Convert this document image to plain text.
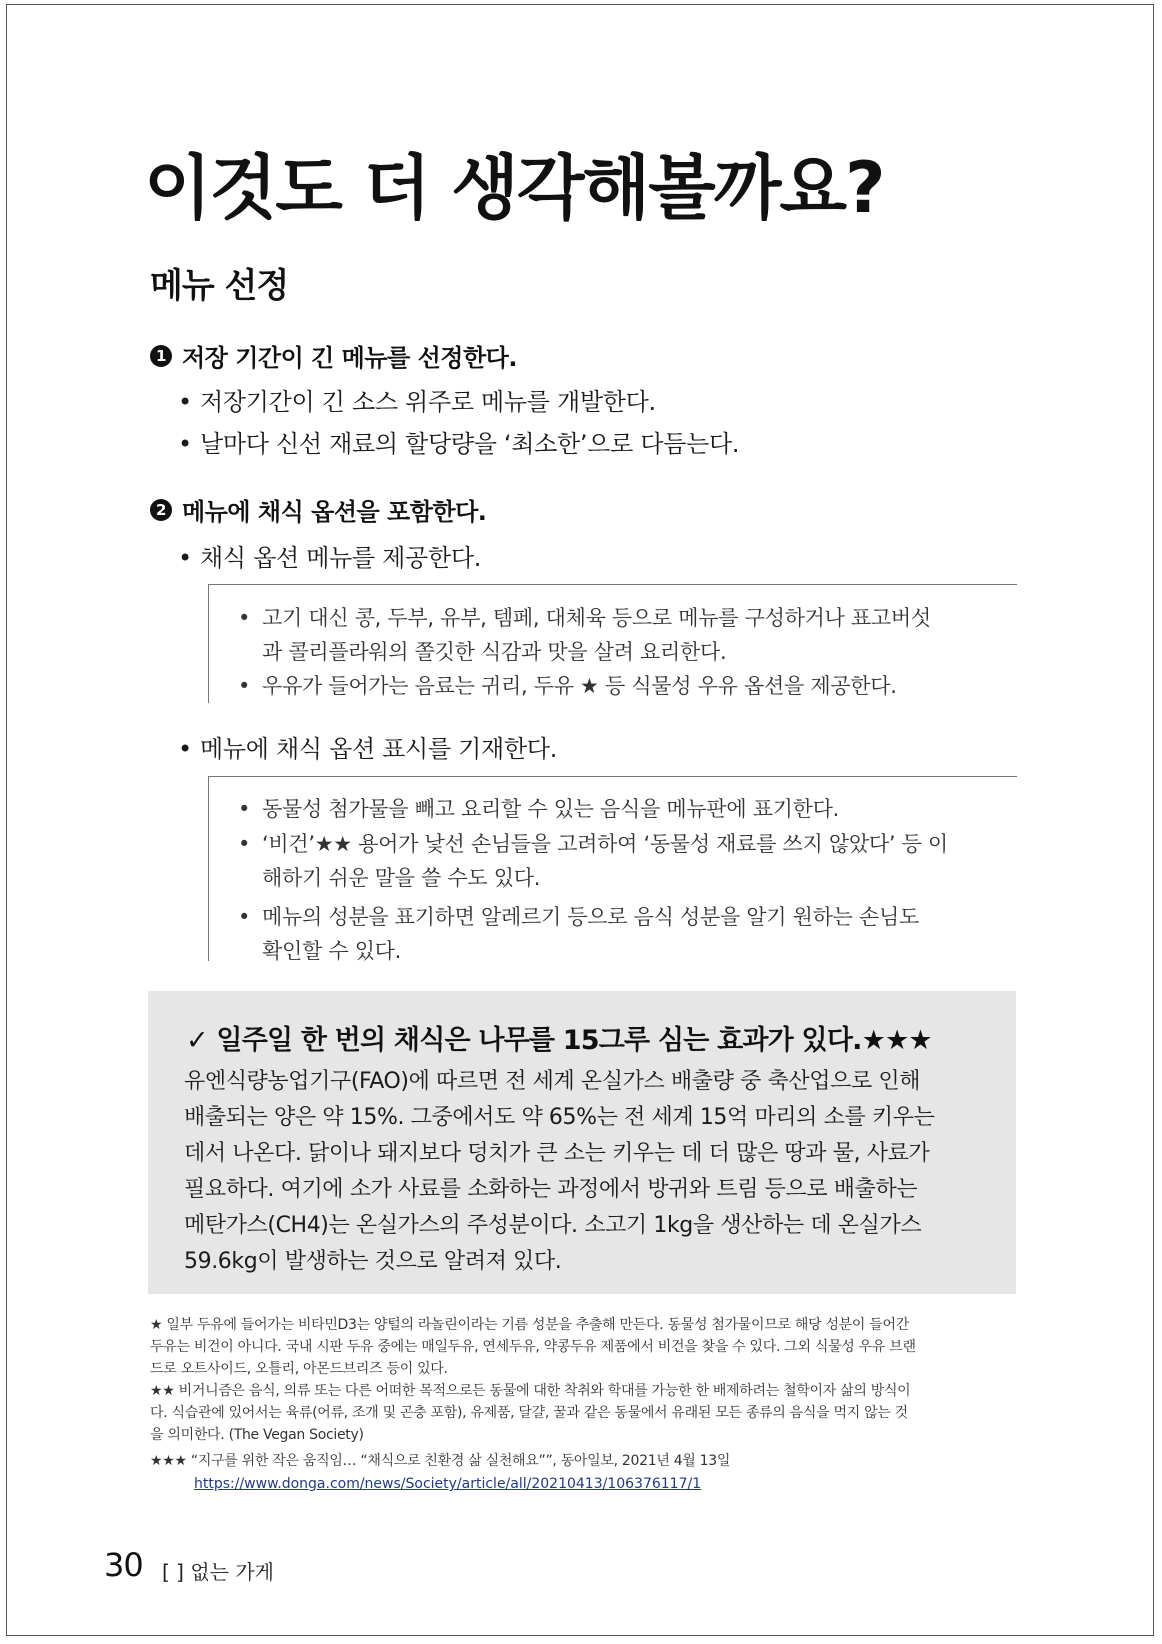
이것도 더 생각해볼까요?
메뉴 선정
1 저장 기간이 긴 메뉴를 선정한다.

• 저장기간이 긴 소스 위주로 메뉴를 개발한다.

• 날마다 신선 재료의 할당량을 ‘최소한’으로 다듬는다.

2 메뉴에 채식 옵션을 포함한다.

• 채식 옵션 메뉴를 제공한다.

• 고기 대신 콩, 두부, 유부, 템페, 대체육 등으로 메뉴를 구성하거나 표고버섯
과 콜리플라워의 쫄깃한 식감과 맛을 살려 요리한다.
• 우유가 들어가는 음료는 귀리, 두유 ★ 등 식물성 우유 옵션을 제공한다.

• 메뉴에 채식 옵션 표시를 기재한다.

• 동물성 첨가물을 빼고 요리할 수 있는 음식을 메뉴판에 표기한다.
• ‘비건’★★ 용어가 낯선 손님들을 고려하여 ‘동물성 재료를 쓰지 않았다’ 등 이
해하기 쉬운 말을 쓸 수도 있다.
• 메뉴의 성분을 표기하면 알레르기 등으로 음식 성분을 알기 원하는 손님도
확인할 수 있다.
✓ 일주일 한 번의 채식은 나무를 15그루 심는 효과가 있다.★★★
유엔식량농업기구(FAO)에 따르면 전 세계 온실가스 배출량 중 축산업으로 인해
배출되는 양은 약 15%. 그중에서도 약 65%는 전 세계 15억 마리의 소를 키우는
데서 나온다. 닭이나 돼지보다 덩치가 큰 소는 키우는 데 더 많은 땅과 물, 사료가
필요하다. 여기에 소가 사료를 소화하는 과정에서 방귀와 트림 등으로 배출하는
메탄가스(CH4)는 온실가스의 주성분이다. 소고기 1kg을 생산하는 데 온실가스
59.6kg이 발생하는 것으로 알려져 있다.
★ 일부 두유에 들어가는 비타민D3는 양털의 라놀린이라는 기름 성분을 추출해 만든다. 동물성 첨가물이므로 해당 성분이 들어간
두유는 비건이 아니다. 국내 시판 두유 중에는 매일두유, 연세두유, 약콩두유 제품에서 비건을 찾을 수 있다. 그외 식물성 우유 브랜
드로 오트사이드, 오틀리, 아몬드브리즈 등이 있다.
★★ 비거니즘은 음식, 의류 또는 다른 어떠한 목적으로든 동물에 대한 착취와 학대를 가능한 한 배제하려는 철학이자 삶의 방식이
다. 식습관에 있어서는 육류(어류, 조개 및 곤충 포함), 유제품, 달걀, 꿀과 같은 동물에서 유래된 모든 종류의 음식을 먹지 않는 것
을 의미한다. (The Vegan Society)
★★★ “지구를 위한 작은 움직임… “채식으로 친환경 삶 실천해요””, 동아일보, 2021년 4월 13일
https://www.donga.com/news/Society/article/all/20210413/106376117/1
30 [ ] 없는 가게
